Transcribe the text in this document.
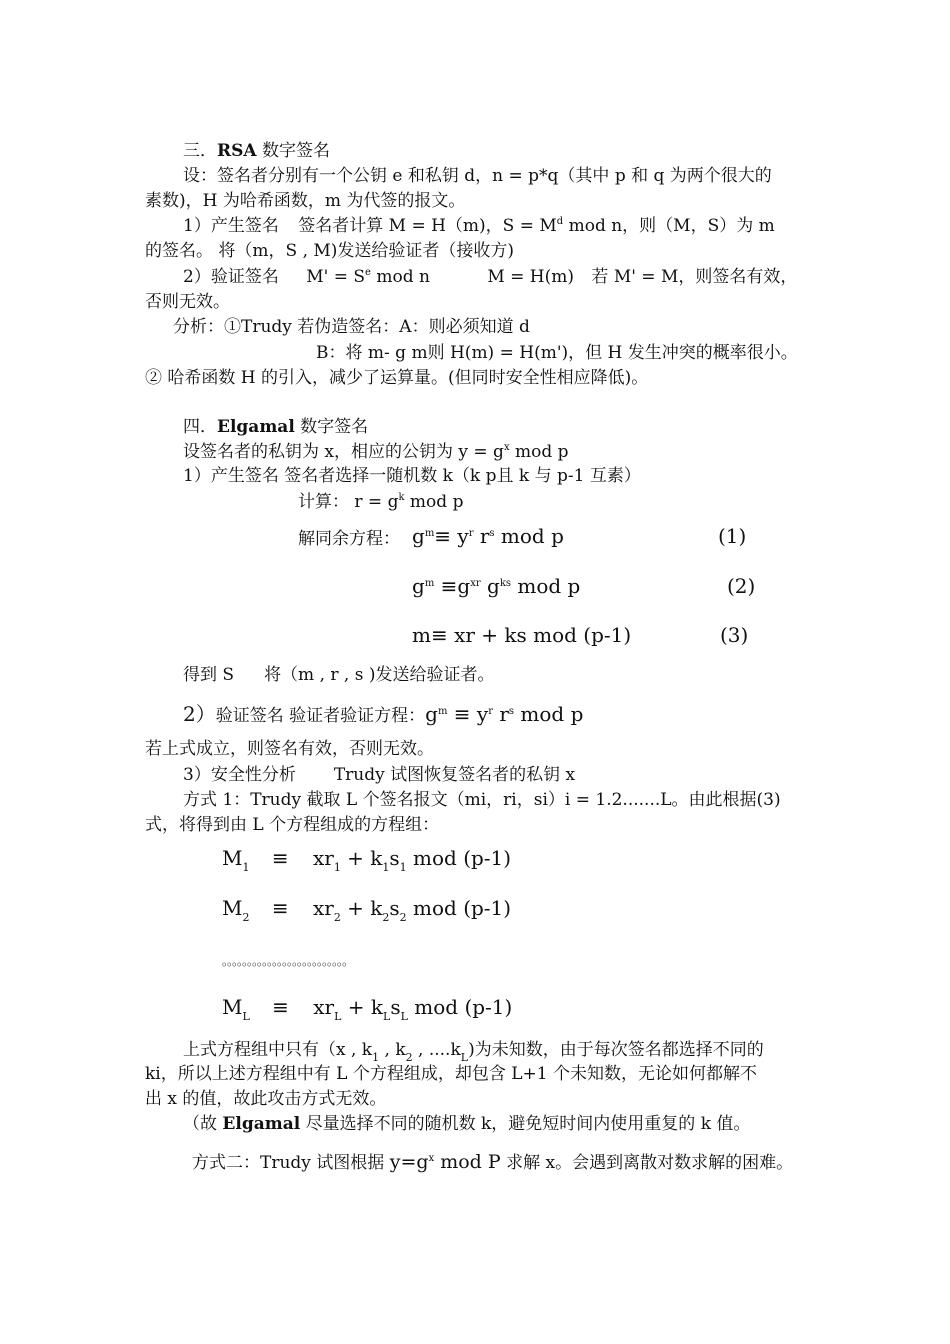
三．RSA 数字签名
设：签名者分别有一个公钥 e 和私钥 d，n = p*q（其中 p 和 q 为两个很大的
素数)，H 为哈希函数，m 为代签的报文。
1）产生签名 签名者计算 M = H（m)，$S = M^d$ mod n，则（M，S）为 m
的签名。 将（m，S , M)发送给验证者（接收方)
2）验证签名 $M' = S^e$ mod n	M = H(m) 若 M' = M，则签名有效，
否则无效。
分析：①Trudy 若伪造签名：A：则必须知道 d
B：将 m- g m则 H(m) = H(m')，但 H 发生冲突的概率很小。
② 哈希函数 H 的引入，减少了运算量。(但同时安全性相应降低)。
四．Elgamal 数字签名
设签名者的私钥为 x，相应的公钥为 $y = g^x$ mod p
1）产生签名 签名者选择一随机数 k（k p且 k 与 p-1 互素）
计算： $r = g^k$ mod p
解同余方程： $g^m\equiv y^r$ $r^s$ mod p	(1)
$g^m \equiv g^{xr}$ $g^{ks}$ mod p	(2)
m≡ xr + ks mod (p-1)	(3)
得到 S 将（m , r , s )发送给验证者。
2）验证签名 验证者验证方程：$g^m \equiv y^r$ $r^s$ mod p
若上式成立，则签名有效，否则无效。
3）安全性分析 Trudy 试图恢复签名者的私钥 x
方式 1：Trudy 截取 L 个签名报文（mi，ri，si）i = 1.2.......L。由此根据(3)
式，将得到由 L 个方程组成的方程组：
$M_1 \equiv xr_1 + k_1s_1$ mod (p-1)
$M_2 \equiv xr_2 + k_2s_2$ mod (p-1)
。。。。。。。。。。。。。。。。。。。。。。。。。
$M_L \equiv xr_L + k_Ls_L$ mod (p-1)
上式方程组中只有（x , $k_1$ , $k_2$ , $....k_L$)为未知数，由于每次签名都选择不同的
ki，所以上述方程组中有 L 个方程组成，却包含 L+1 个未知数，无论如何都解不
出 x 的值，故此攻击方式无效。
（故 Elgamal 尽量选择不同的随机数 k，避免短时间内使用重复的 k 值。
方式二：Trudy 试图根据 $y=g^x$ mod P 求解 x。会遇到离散对数求解的困难。
